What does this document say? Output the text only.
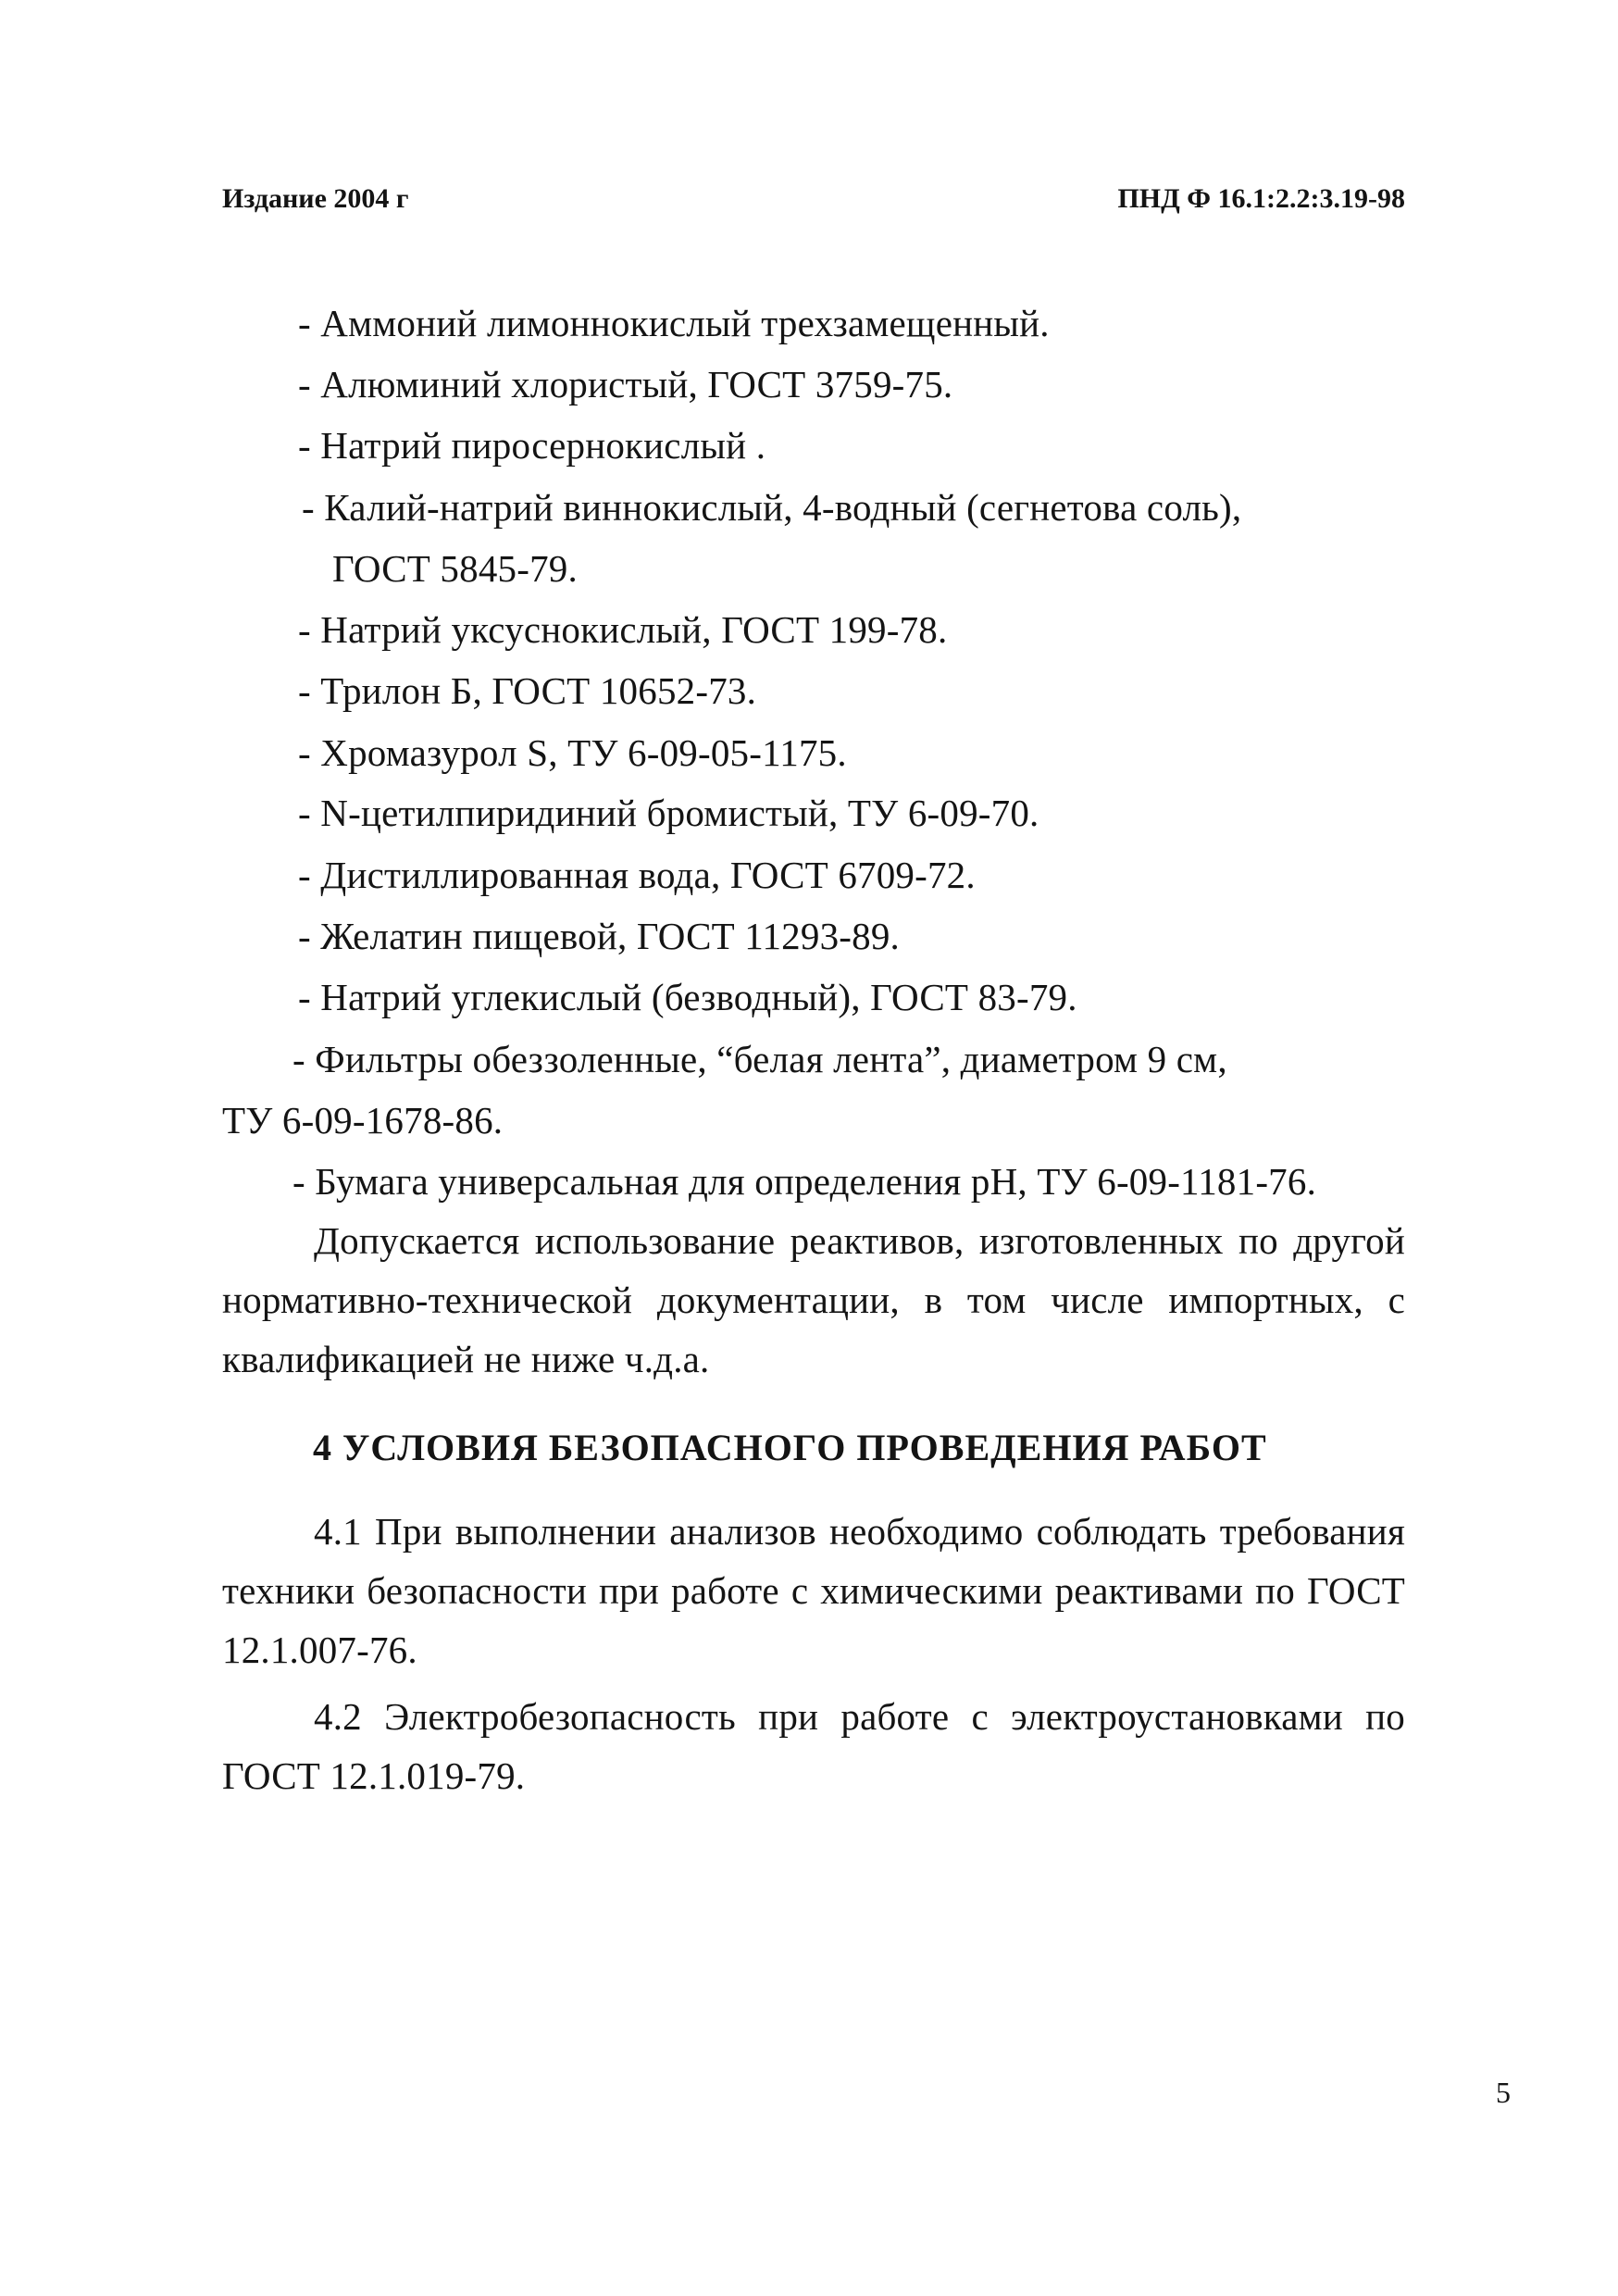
Издание 2004 г	ПНД Ф 16.1:2.2:3.19-98
- Аммоний лимоннокислый трехзамещенный.
- Алюминий хлористый, ГОСТ 3759-75.
- Натрий пиросернокислый .
- Калий-натрий виннокислый, 4-водный (сегнетова соль),
ГОСТ 5845-79.
- Натрий уксуснокислый, ГОСТ 199-78.
- Трилон Б, ГОСТ 10652-73.
- Хромазурол S, ТУ 6-09-05-1175.
- N-цетилпиридиний бромистый, ТУ 6-09-70.
- Дистиллированная вода, ГОСТ 6709-72.
- Желатин пищевой, ГОСТ 11293-89.
- Натрий углекислый (безводный), ГОСТ 83-79.
- Фильтры обеззоленные, “белая лента”, диаметром 9 см,
ТУ 6-09-1678-86.
- Бумага универсальная для определения pH, ТУ 6-09-1181-76.
Допускается использование реактивов, изготовленных по другой нормативно-технической документации, в том числе импортных, с квалификацией не ниже ч.д.а.
4 УСЛОВИЯ БЕЗОПАСНОГО ПРОВЕДЕНИЯ РАБОТ
4.1 При выполнении анализов необходимо соблюдать требования техники безопасности при работе с химическими реактивами по ГОСТ 12.1.007-76.
4.2 Электробезопасность при работе с электроустановками по ГОСТ 12.1.019-79.
5
